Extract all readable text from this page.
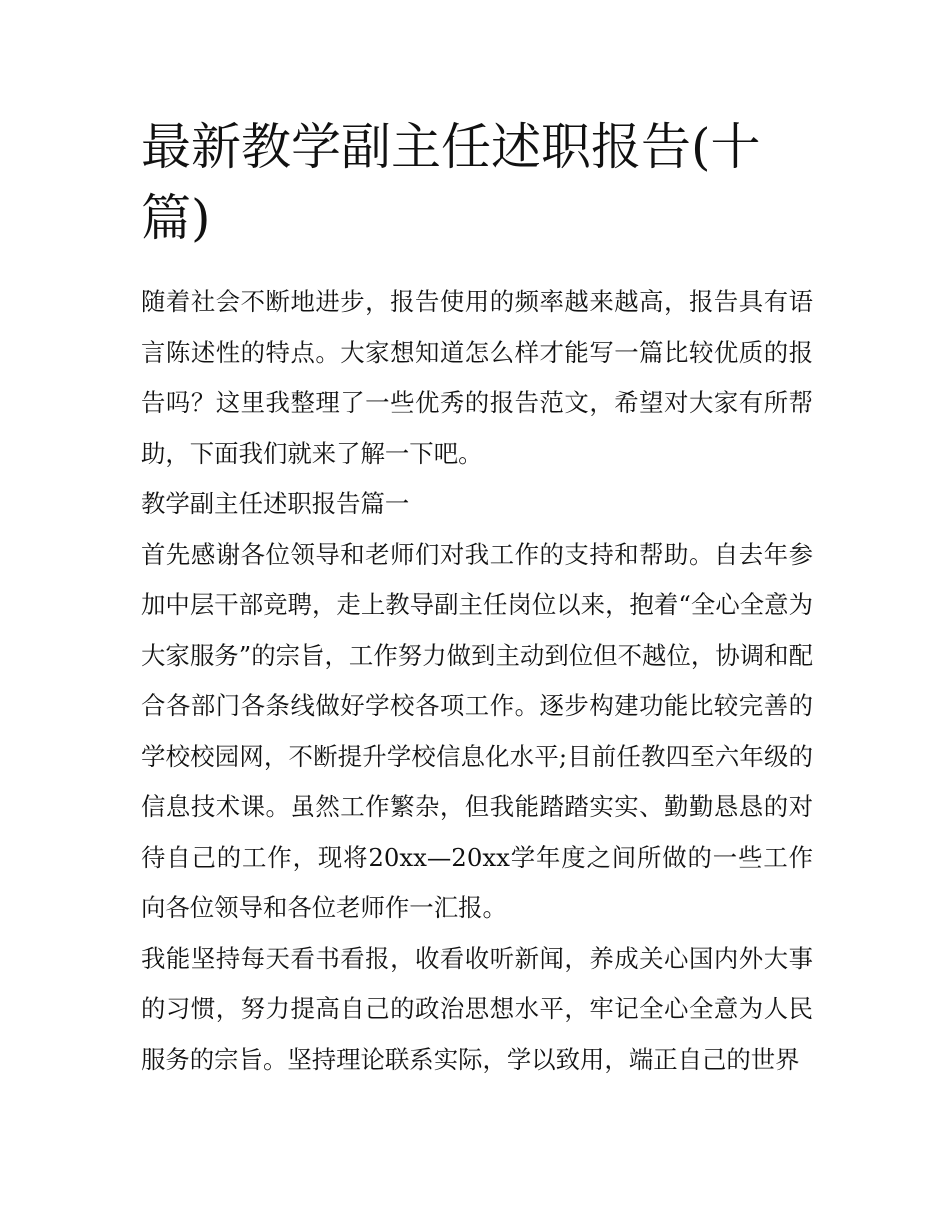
最新教学副主任述职报告(十篇)

随着社会不断地进步，报告使用的频率越来越高，报告具有语言陈述性的特点。大家想知道怎么样才能写一篇比较优质的报告吗？这里我整理了一些优秀的报告范文，希望对大家有所帮助，下面我们就来了解一下吧。

教学副主任述职报告篇一

首先感谢各位领导和老师们对我工作的支持和帮助。自去年参加中层干部竞聘，走上教导副主任岗位以来，抱着“全心全意为大家服务”的宗旨，工作努力做到主动到位但不越位，协调和配合各部门各条线做好学校各项工作。逐步构建功能比较完善的学校校园网，不断提升学校信息化水平;目前任教四至六年级的信息技术课。虽然工作繁杂，但我能踏踏实实、勤勤恳恳的对待自己的工作，现将20xx—20xx学年度之间所做的一些工作向各位领导和各位老师作一汇报。

我能坚持每天看书看报，收看收听新闻，养成关心国内外大事的习惯，努力提高自己的政治思想水平，牢记全心全意为人民服务的宗旨。坚持理论联系实际，学以致用，端正自己的世界
